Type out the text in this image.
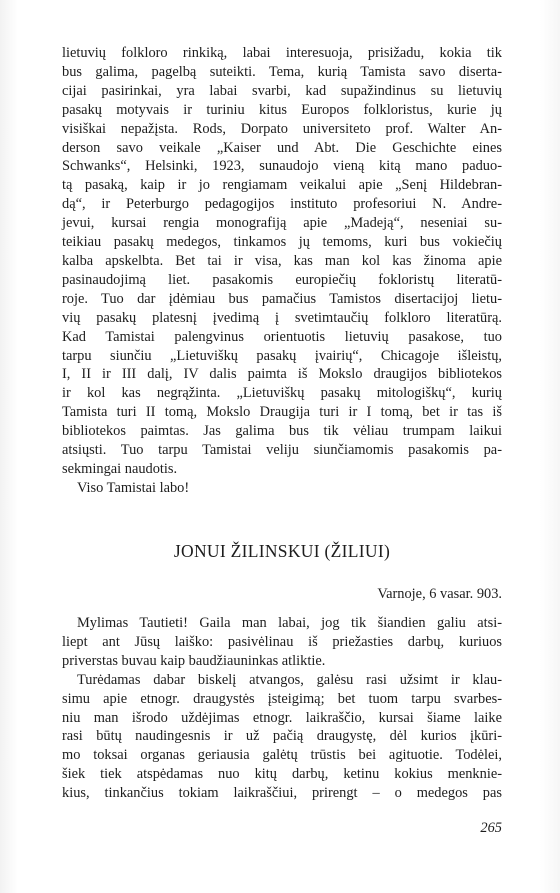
lietuvių folkloro rinkiką, labai interesuoja, prisižadu, kokia tik
bus galima, pagelbą suteikti. Tema, kurią Tamista savo diserta-
cijai pasirinkai, yra labai svarbi, kad supažindinus su lietuvių
pasakų motyvais ir turiniu kitus Europos folkloristus, kurie jų
visiškai nepažįsta. Rods, Dorpato universiteto prof. Walter An-
derson savo veikale „Kaiser und Abt. Die Geschichte eines
Schwanks“, Helsinki, 1923, sunaudojo vieną kitą mano paduo-
tą pasaką, kaip ir jo rengiamam veikalui apie „Senį Hildebran-
dą“, ir Peterburgo pedagogijos instituto profesoriui N. Andre-
jevui, kursai rengia monografiją apie „Madeją“, neseniai su-
teikiau pasakų medegos, tinkamos jų temoms, kuri bus vokiečių
kalba apskelbta. Bet tai ir visa, kas man kol kas žinoma apie
pasinaudojimą liet. pasakomis europiečių fokloristų literatū-
roje. Tuo dar įdėmiau bus pamačius Tamistos disertacijoj lietu-
vių pasakų platesnį įvedimą į svetimtaučių folkloro literatūrą.
Kad Tamistai palengvinus orientuotis lietuvių pasakose, tuo
tarpu siunčiu „Lietuviškų pasakų įvairių“, Chicagoje išleistų,
I, II ir III dalį, IV dalis paimta iš Mokslo draugijos bibliotekos
ir kol kas negrąžinta. „Lietuviškų pasakų mitologiškų“, kurių
Tamista turi II tomą, Mokslo Draugija turi ir I tomą, bet ir tas iš
bibliotekos paimtas. Jas galima bus tik vėliau trumpam laikui
atsiųsti. Tuo tarpu Tamistai veliju siunčiamomis pasakomis pa-
sekmingai naudotis.

Viso Tamistai labo!

JONUI ŽILINSKUI (ŽILIUI)
Varnoje, 6 vasar. 903.

Mylimas Tautieti! Gaila man labai, jog tik šiandien galiu atsi-
liept ant Jūsų laiško: pasivėlinau iš priežasties darbų, kuriuos
priverstas buvau kaip baudžiauninkas atliktie.

Turėdamas dabar biskelį atvangos, galėsu rasi užsimt ir klau-
simu apie etnogr. draugystės įsteigimą; bet tuom tarpu svarbes-
niu man išrodo uždėjimas etnogr. laikraščio, kursai šiame laike
rasi būtų naudingesnis ir už pačią draugystę, dėl kurios įkūri-
mo toksai organas geriausia galėtų trūstis bei agituotie. Todėlei,
šiek tiek atspėdamas nuo kitų darbų, ketinu kokius menknie-
kius, tinkančius tokiam laikraščiui, prirengt – o medegos pas

265
